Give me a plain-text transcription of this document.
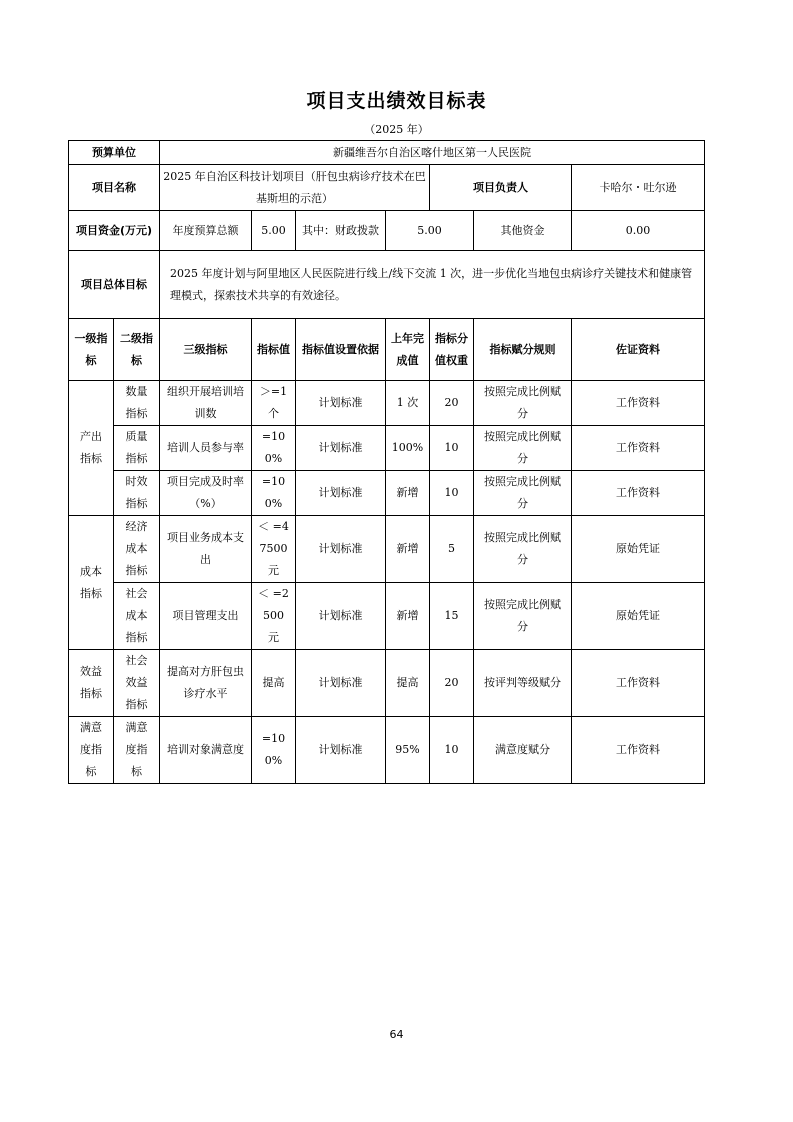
项目支出绩效目标表
（2025 年）
预算单位		新疆维吾尔自治区喀什地区第一人民医院						
项目名称		2025 年自治区科技计划项目（肝包虫病诊疗技术在巴基斯坦的示范）				项目负责人		卡哈尔・吐尔逊
项目资金(万元)		年度预算总额	5.00	其中：财政拨款	5.00		其他资金	0.00
项目总体目标		2025 年度计划与阿里地区人民医院进行线上/线下交流 1 次，进一步优化当地包虫病诊疗关键技术和健康管理模式，探索技术共享的有效途径。						
一级指标	二级指标	三级指标	指标值	指标值设置依据	上年完成值	指标分值权重	指标赋分规则	佐证资料
产出指标	数量指标	组织开展培训培训数	＞=1 个	计划标准	1 次	20	按照完成比例赋分	工作资料
	质量指标	培训人员参与率	=100%	计划标准	100%	10	按照完成比例赋分	工作资料
	时效指标	项目完成及时率（%）	=100%	计划标准	新增	10	按照完成比例赋分	工作资料
成本指标	经济成本指标	项目业务成本支出	＜ =47500 元	计划标准	新增	5	按照完成比例赋分	原始凭证
	社会成本指标	项目管理支出	＜ =2500 元	计划标准	新增	15	按照完成比例赋分	原始凭证
效益指标	社会效益指标	提高对方肝包虫诊疗水平	提高	计划标准	提高	20	按评判等级赋分	工作资料
满意度指标	满意度指标	培训对象满意度	=100%	计划标准	95%	10	满意度赋分	工作资料
64
